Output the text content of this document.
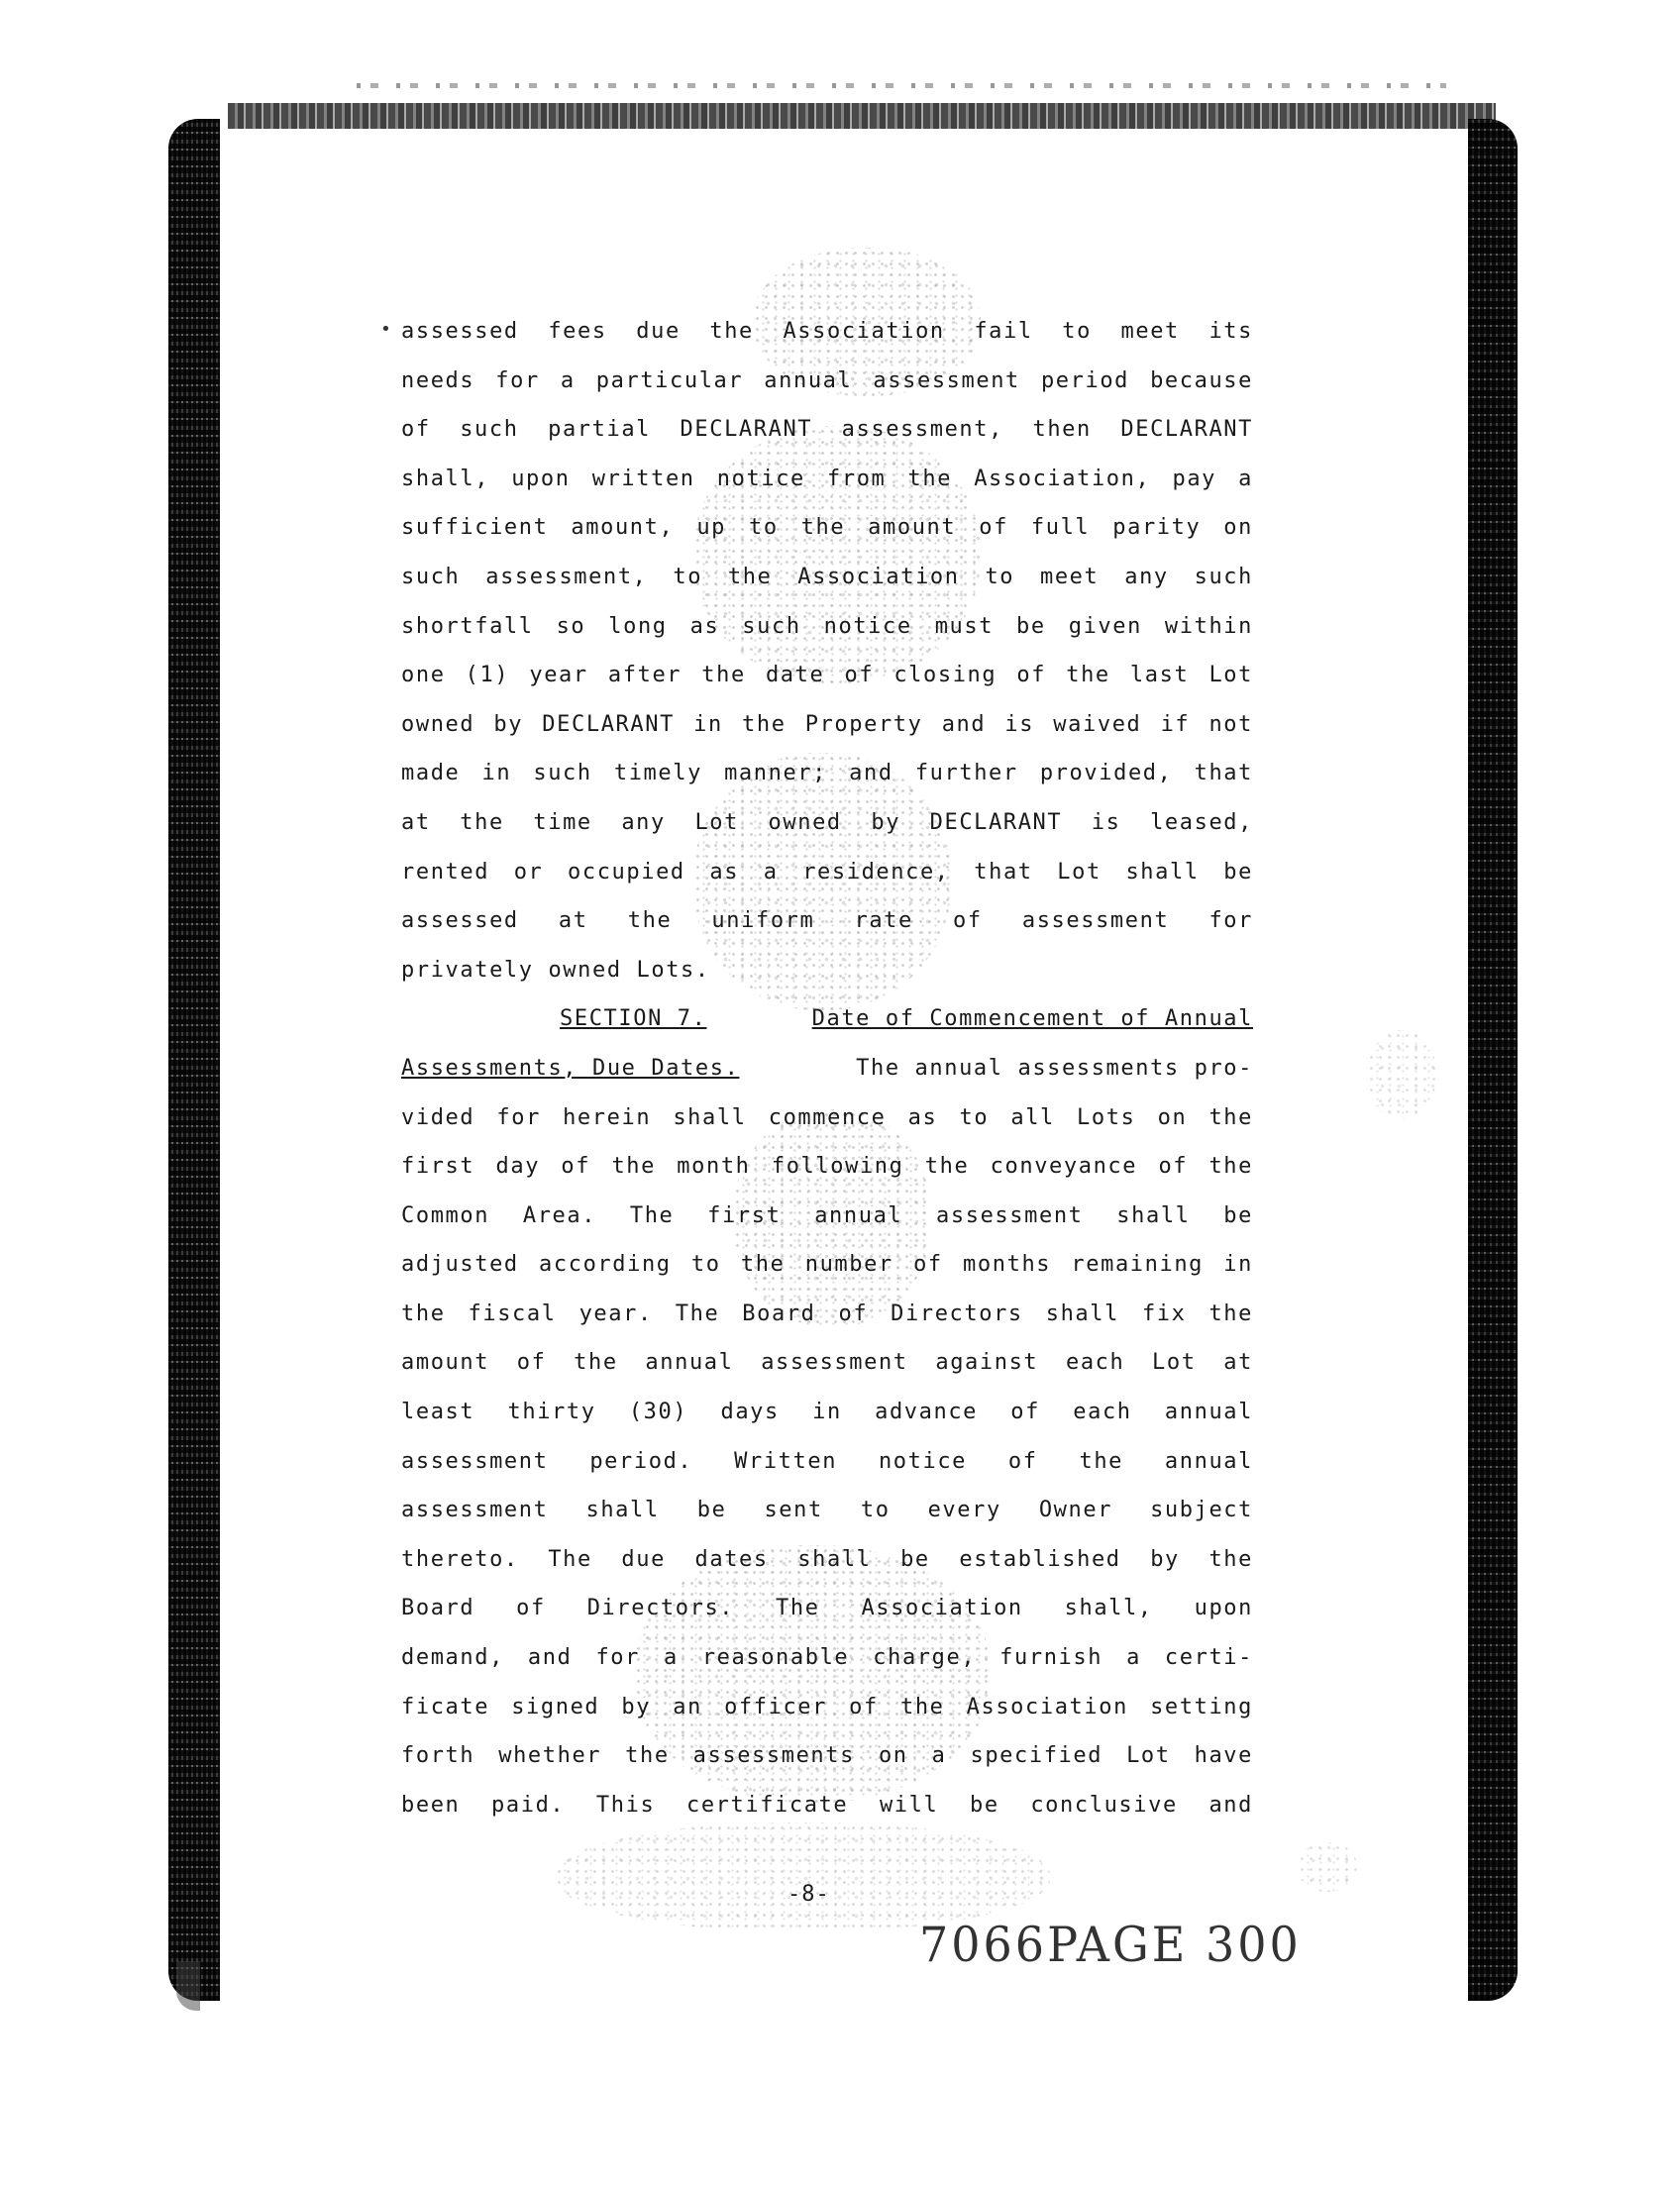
• assessed fees due the Association fail to meet its
needs for a particular annual assessment period because
of such partial DECLARANT assessment, then DECLARANT
shall, upon written notice from the Association, pay a
sufficient amount, up to the amount of full parity on
such assessment, to the Association to meet any such
shortfall so long as such notice must be given within
one (1) year after the date of closing of the last Lot
owned by DECLARANT in the Property and is waived if not
made in such timely manner; and further provided, that
at the time any Lot owned by DECLARANT is leased,
rented or occupied as a residence, that Lot shall be
assessed at the uniform rate of assessment for
privately owned Lots.
SECTION 7.	Date of Commencement of Annual
Assessments, Due Dates.	The annual assessments pro-
vided for herein shall commence as to all Lots on the
first day of the month following the conveyance of the
Common Area. The first annual assessment shall be
adjusted according to the number of months remaining in
the fiscal year. The Board of Directors shall fix the
amount of the annual assessment against each Lot at
least thirty (30) days in advance of each annual
assessment period. Written notice of the annual
assessment shall be sent to every Owner subject
thereto. The due dates shall be established by the
Board of Directors. The Association shall, upon
demand, and for a reasonable charge, furnish a certi-
ficate signed by an officer of the Association setting
forth whether the assessments on a specified Lot have
been paid. This certificate will be conclusive and
-8-
7066PAGE 300
